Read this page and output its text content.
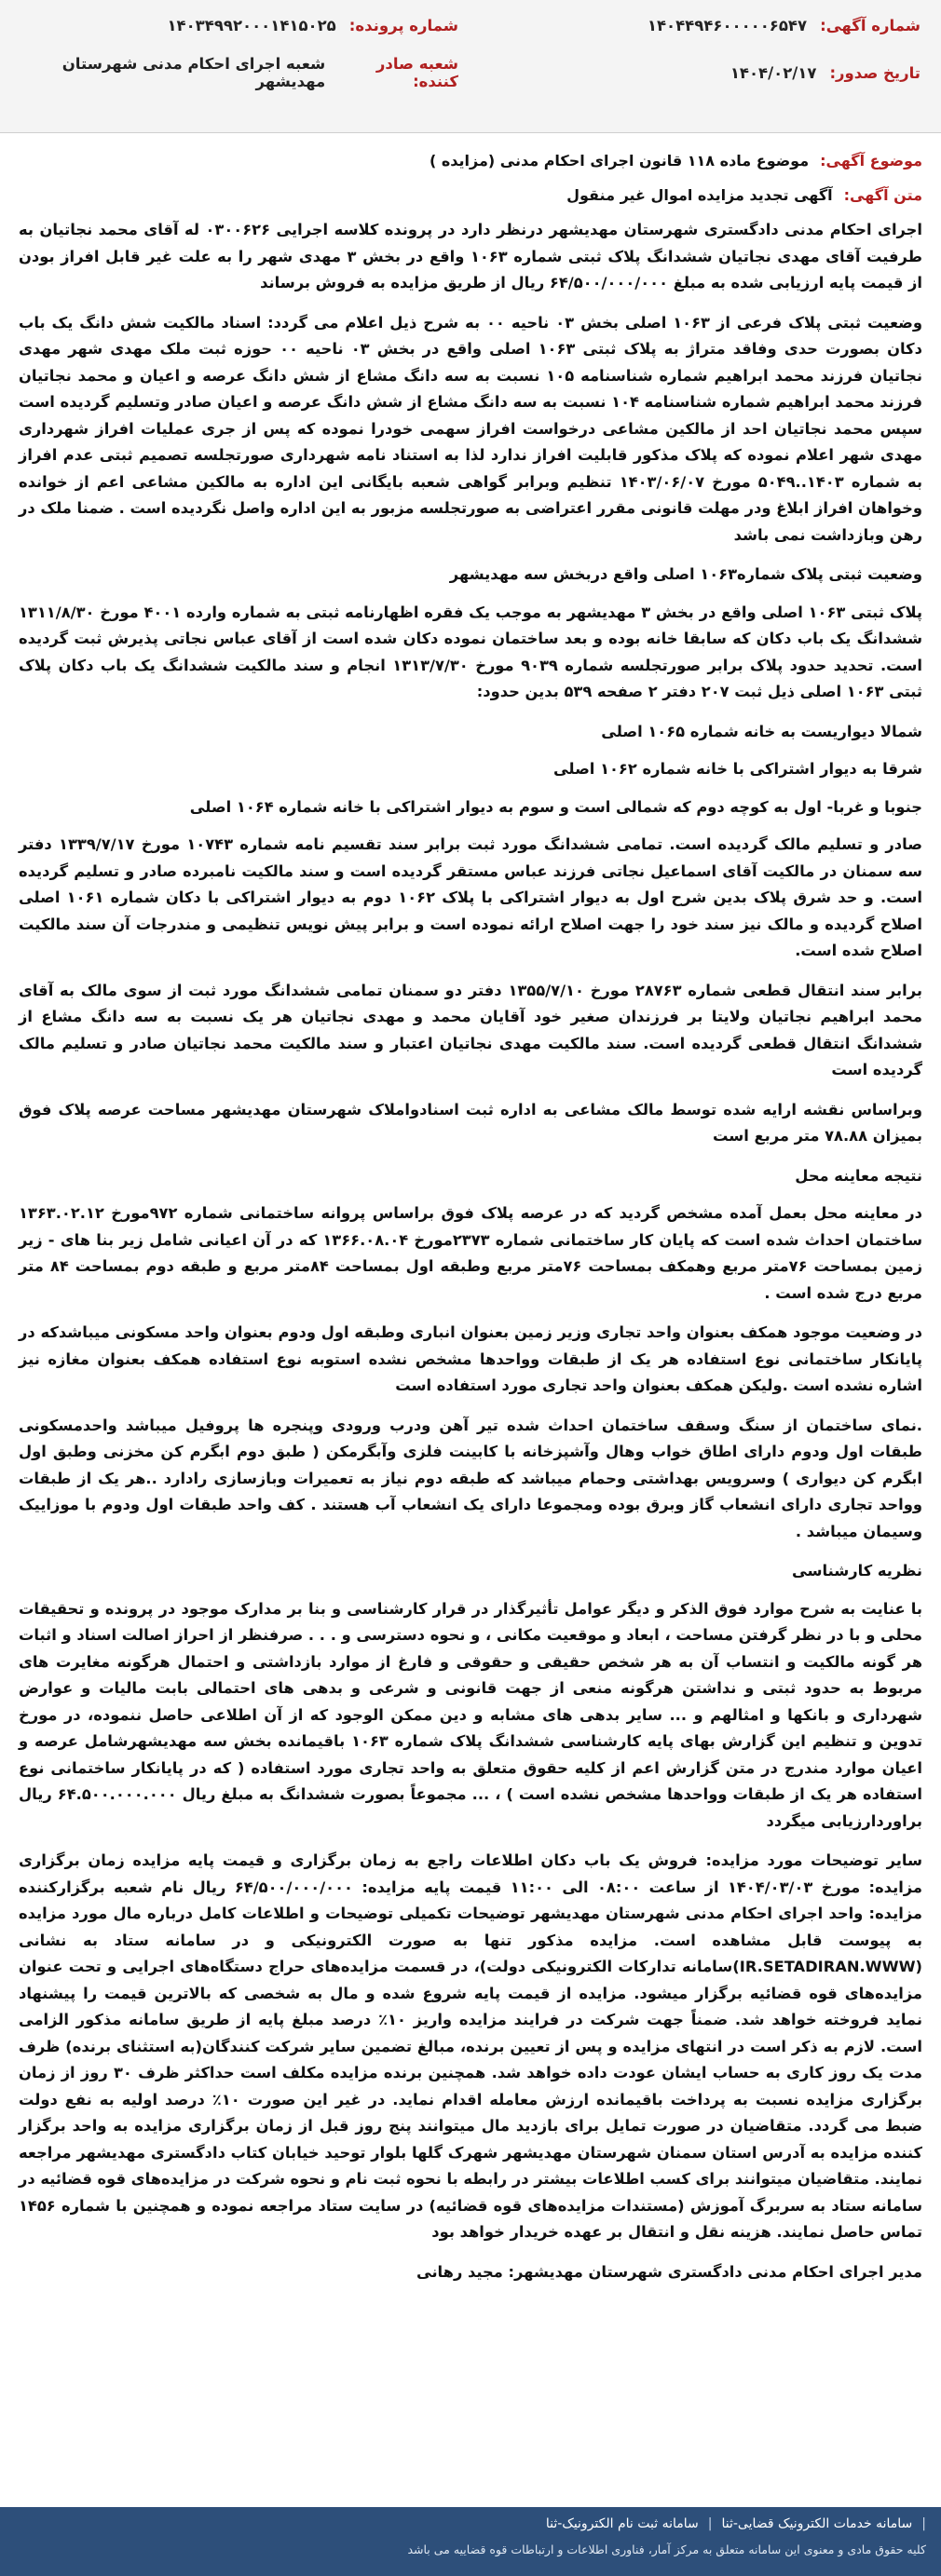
شماره آگهی:
۱۴۰۴۴۹۴۶۰۰۰۰۰۶۵۴۷
شماره پرونده:
۱۴۰۳۴۹۹۲۰۰۰۱۴۱۵۰۲۵
تاریخ صدور:
۱۴۰۴/۰۲/۱۷
شعبه صادر کننده:
شعبه اجرای احکام مدنی شهرستان مهدیشهر
موضوع آگهی:
موضوع ماده ۱۱۸ قانون اجرای احکام مدنی (مزایده )
متن آگهی:
آگهی تجدید مزایده اموال غیر منقول

اجرای احکام مدنی دادگستری شهرستان مهدیشهر درنظر دارد در پرونده کلاسه اجرایی ۰۳۰۰۶۲۶ له آقای محمد نجاتیان به طرفیت آقای مهدی نجاتیان ششدانگ پلاک ثبتی شماره ۱۰۶۳ واقع در بخش ۳ مهدی شهر را به علت غیر قابل افراز بودن از قیمت پایه ارزیابی شده به مبلغ ۶۴/۵۰۰/۰۰۰/۰۰۰ ریال از طریق مزایده به فروش برساند

وضعیت ثبتی پلاک فرعی از ۱۰۶۳ اصلی بخش ۰۳ ناحیه ۰۰ به شرح ذیل اعلام می گردد: اسناد مالکیت شش دانگ یک باب دکان بصورت حدی وفاقد متراژ به پلاک ثبتی ۱۰۶۳ اصلی واقع در بخش ۰۳ ناحیه ۰۰ حوزه ثبت ملک مهدی شهر مهدی نجاتیان فرزند محمد ابراهیم شماره شناسنامه ۱۰۵ نسبت به سه دانگ مشاع از شش دانگ عرصه و اعیان و محمد نجاتیان فرزند محمد ابراهیم شماره شناسنامه ۱۰۴ نسبت به سه دانگ مشاع از شش دانگ عرصه و اعیان صادر وتسلیم گردیده است سپس محمد نجاتیان احد از مالکین مشاعی درخواست افراز سهمی خودرا نموده که پس از جری عملیات افراز شهرداری مهدی شهر اعلام نموده که پلاک مذکور قابلیت افراز ندارد لذا به استناد نامه شهرداری صورتجلسه تصمیم ثبتی عدم افراز به شماره ۱۴۰۳..۵۰۴۹ مورخ ۱۴۰۳/۰۶/۰۷ تنظیم وبرابر گواهی شعبه بایگانی این اداره به مالکین مشاعی اعم از خوانده وخواهان افراز ابلاغ ودر مهلت قانونی مقرر اعتراضی به صورتجلسه مزبور به این اداره واصل نگردیده است . ضمنا ملک در رهن وبازداشت نمی باشد

وضعیت ثبتی پلاک شماره۱۰۶۳ اصلی واقع دربخش سه مهدیشهر

پلاک ثبتی ۱۰۶۳ اصلی واقع در بخش ۳ مهدیشهر به موجب یک فقره اظهارنامه ثبتی به شماره وارده ۴۰۰۱ مورخ ۱۳۱۱/۸/۳۰ ششدانگ یک باب دکان که سابقا خانه بوده و بعد ساختمان نموده دکان شده است از آقای عباس نجاتی پذیرش ثبت گردیده است. تحدید حدود پلاک برابر صورتجلسه شماره ۹۰۳۹ مورخ ۱۳۱۳/۷/۳۰ انجام و سند مالکیت ششدانگ یک باب دکان پلاک ثبتی ۱۰۶۳ اصلی ذیل ثبت ۲۰۷ دفتر ۲ صفحه ۵۳۹ بدین حدود:

شمالا دیواریست به خانه شماره ۱۰۶۵ اصلی

شرقا به دیوار اشتراکی با خانه شماره ۱۰۶۲ اصلی

جنوبا و غربا- اول به کوچه دوم که شمالی است و سوم به دیوار اشتراکی با خانه شماره ۱۰۶۴ اصلی

صادر و تسلیم مالک گردیده است. تمامی ششدانگ مورد ثبت برابر سند تقسیم نامه شماره ۱۰۷۴۳ مورخ ۱۳۳۹/۷/۱۷ دفتر سه سمنان در مالکیت آقای اسماعیل نجاتی فرزند عباس مستقر گردیده است و سند مالکیت نامبرده صادر و تسلیم گردیده است. و حد شرق پلاک بدین شرح اول به دیوار اشتراکی با پلاک ۱۰۶۲ دوم به دیوار اشتراکی با دکان شماره ۱۰۶۱ اصلی اصلاح گردیده و مالک نیز سند خود را جهت اصلاح ارائه نموده است و برابر پیش نویس تنظیمی و مندرجات آن سند مالکیت اصلاح شده است.

برابر سند انتقال قطعی شماره ۲۸۷۶۳ مورخ ۱۳۵۵/۷/۱۰ دفتر دو سمنان تمامی ششدانگ مورد ثبت از سوی مالک به آقای محمد ابراهیم نجاتیان ولایتا بر فرزندان صغیر خود آقایان محمد و مهدی نجاتیان هر یک نسبت به سه دانگ مشاع از ششدانگ انتقال قطعی گردیده است. سند مالکیت مهدی نجاتیان اعتبار و سند مالکیت محمد نجاتیان صادر و تسلیم مالک گردیده است

وبراساس نقشه ارایه شده توسط مالک مشاعی به اداره ثبت اسنادواملاک شهرستان مهدیشهر مساحت عرصه پلاک فوق بمیزان ۷۸.۸۸ متر مربع است

نتیجه معاینه محل

در معاینه محل بعمل آمده مشخص گردید که در عرصه پلاک فوق براساس پروانه ساختمانی شماره ۹۷۲مورخ ۱۳۶۳.۰۲.۱۲ ساختمان احداث شده است که پایان کار ساختمانی شماره ۲۳۷۳مورخ ۱۳۶۶.۰۸.۰۴ که در آن اعیانی شامل زیر بنا های - زیر زمین بمساحت ۷۶متر مربع وهمکف بمساحت ۷۶متر مربع وطبقه اول بمساحت ۸۴متر مربع و طبقه دوم بمساحت ۸۴ متر مربع درج شده است .

در وضعیت موجود همکف بعنوان واحد تجاری وزیر زمین بعنوان انباری وطبقه اول ودوم بعنوان واحد مسکونی میباشدکه در پایانکار ساختمانی نوع استفاده هر یک از طبقات وواحدها مشخص نشده استوبه نوع استفاده همکف بعنوان مغازه نیز اشاره نشده است .ولیکن همکف بعنوان واحد تجاری مورد استفاده است

.نمای ساختمان از سنگ وسقف ساختمان احداث شده تیر آهن ودرب ورودی وپنجره ها پروفیل میباشد واحدمسکونی طبقات اول ودوم دارای اطاق خواب وهال وآشپزخانه با کابینت فلزی وآبگرمکن ( طبق دوم ابگرم کن مخزنی وطبق اول ابگرم کن دیواری ) وسرویس بهداشتی وحمام میباشد که طبقه دوم نیاز به تعمیرات وبازسازی رادارد ..هر یک از طبقات وواحد تجاری دارای انشعاب گاز وبرق بوده ومجموعا دارای یک انشعاب آب هستند . کف واحد طبقات اول ودوم با موزاییک وسیمان میباشد .

نظریه کارشناسی

با عنایت به شرح موارد فوق الذکر و دیگر عوامل تأثیرگذار در قرار کارشناسی و بنا بر مدارک موجود در پرونده و تحقیقات محلی و با در نظر گرفتن مساحت ، ابعاد و موقعیت مکانی ، و نحوه دسترسی و . . . صرفنظر از احراز اصالت اسناد و اثبات هر گونه مالکیت و انتساب آن به هر شخص حقیقی و حقوقی و فارغ از موارد بازداشتی و احتمال هرگونه مغایرت های مربوط به حدود ثبتی و نداشتن هرگونه منعی از جهت قانونی و شرعی و بدهی های احتمالی بابت مالیات و عوارض شهرداری و بانکها و امثالهم و ... سایر بدهی های مشابه و دین ممکن الوجود که از آن اطلاعی حاصل ننموده، در مورخ تدوین و تنظیم این گزارش بهای پایه کارشناسی ششدانگ پلاک شماره ۱۰۶۳ باقیمانده بخش سه مهدیشهرشامل عرصه و اعیان موارد مندرج در متن گزارش اعم از کلیه حقوق متعلق به واحد تجاری مورد استفاده ( که در پایانکار ساختمانی نوع استفاده هر یک از طبقات وواحدها مشخص نشده است ) ، ... مجموعاً بصورت ششدانگ به مبلغ ریال ۶۴.۵۰۰.۰۰۰.۰۰۰ ریال براوردارزیابی میگردد

سایر توضیحات مورد مزایده: فروش یک باب دکان اطلاعات راجع به زمان برگزاری و قیمت پایه مزایده زمان برگزاری مزایده: مورخ ۱۴۰۴/۰۳/۰۳ از ساعت ۰۸:۰۰ الی ۱۱:۰۰ قیمت پایه مزایده: ۶۴/۵۰۰/۰۰۰/۰۰۰ ریال نام شعبه برگزارکننده مزایده: واحد اجرای احکام مدنی شهرستان مهدیشهر توضیحات تکمیلی توضیحات و اطلاعات کامل درباره مال مورد مزایده به پیوست قابل مشاهده است. مزایده مذکور تنها به صورت الکترونیکی و در سامانه ستاد به نشانی (IR.SETADIRAN.WWW)سامانه تدارکات الکترونیکی دولت)، در قسمت مزایده‌های حراج دستگاه‌های اجرایی و تحت عنوان مزایده‌های قوه قضائیه برگزار میشود. مزایده از قیمت پایه شروع شده و مال به شخصی که بالاترین قیمت را پیشنهاد نماید فروخته خواهد شد. ضمناً جهت شرکت در فرایند مزایده واریز ۱۰٪ درصد مبلغ پایه از طریق سامانه مذکور الزامی است. لازم به ذکر است در انتهای مزایده و پس از تعیین برنده، مبالغ تضمین سایر شرکت کنندگان(به استثنای برنده) ظرف مدت یک روز کاری به حساب ایشان عودت داده خواهد شد. همچنین برنده مزایده مکلف است حداکثر ظرف ۳۰ روز از زمان برگزاری مزایده نسبت به پرداخت باقیمانده ارزش معامله اقدام نماید. در غیر این صورت ۱۰٪ درصد اولیه به نفع دولت ضبط می گردد. متقاضیان در صورت تمایل برای بازدید مال میتوانند پنج روز قبل از زمان برگزاری مزایده به واحد برگزار کننده مزایده به آدرس استان سمنان شهرستان مهدیشهر شهرک گلها بلوار توحید خیابان کتاب دادگستری مهدیشهر مراجعه نمایند. متقاضیان میتوانند برای کسب اطلاعات بیشتر در رابطه با نحوه ثبت نام و نحوه شرکت در مزایده‌های قوه قضائیه در سامانه ستاد به سربرگ آموزش (مستندات مزایده‌های قوه قضائیه) در سایت ستاد مراجعه نموده و همچنین با شماره ۱۴۵۶ تماس حاصل نمایند. هزینه نقل و انتقال بر عهده خریدار خواهد بود

مدیر اجرای احکام مدنی دادگستری شهرستان مهدیشهر: مجید رهانی

|
سامانه خدمات الکترونیک قضایی-ثنا
|
سامانه ثبت نام الکترونیک-ثنا
کلیه حقوق مادی و معنوی این سامانه متعلق به مرکز آمار، فناوری اطلاعات و ارتباطات قوه قضاییه می باشد
